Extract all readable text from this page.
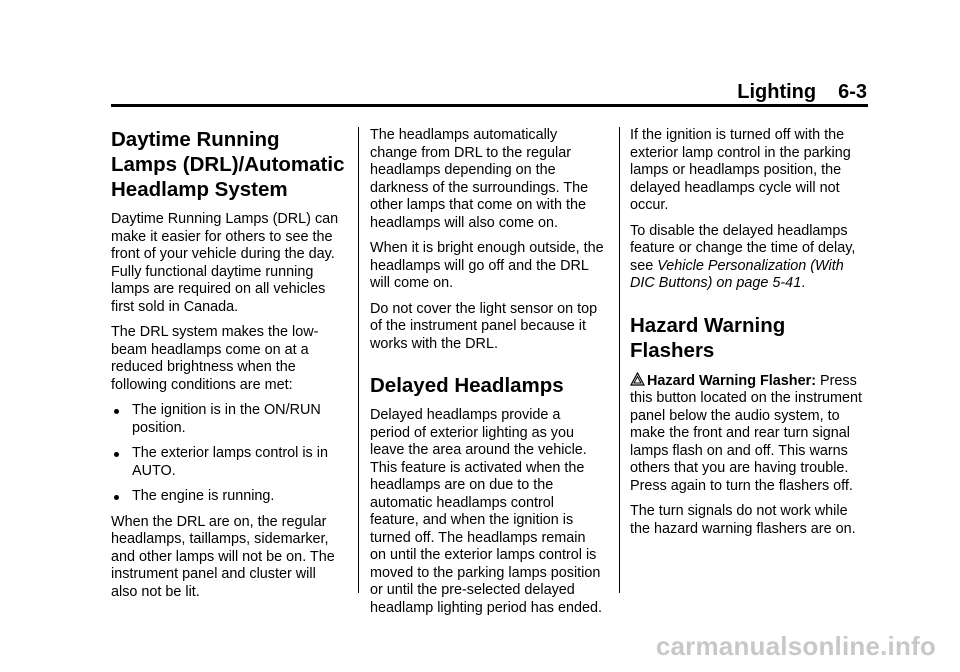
Lighting 6-3
Daytime Running Lamps (DRL)/Automatic Headlamp System

Daytime Running Lamps (DRL) can make it easier for others to see the front of your vehicle during the day. Fully functional daytime running lamps are required on all vehicles first sold in Canada.

The DRL system makes the low-beam headlamps come on at a reduced brightness when the following conditions are met:

The ignition is in the ON/RUN position.
The exterior lamps control is in AUTO.
The engine is running.

When the DRL are on, the regular headlamps, taillamps, sidemarker, and other lamps will not be on. The instrument panel and cluster will also not be lit.

The headlamps automatically change from DRL to the regular headlamps depending on the darkness of the surroundings. The other lamps that come on with the headlamps will also come on.

When it is bright enough outside, the headlamps will go off and the DRL will come on.

Do not cover the light sensor on top of the instrument panel because it works with the DRL.

Delayed Headlamps

Delayed headlamps provide a period of exterior lighting as you leave the area around the vehicle. This feature is activated when the headlamps are on due to the automatic headlamps control feature, and when the ignition is turned off. The headlamps remain on until the exterior lamps control is moved to the parking lamps position or until the pre-selected delayed headlamp lighting period has ended.

If the ignition is turned off with the exterior lamp control in the parking lamps or headlamps position, the delayed headlamps cycle will not occur.

To disable the delayed headlamps feature or change the time of delay, see Vehicle Personalization (With DIC Buttons) on page 5-41.

Hazard Warning Flashers

Hazard Warning Flasher: Press this button located on the instrument panel below the audio system, to make the front and rear turn signal lamps flash on and off. This warns others that you are having trouble. Press again to turn the flashers off.

The turn signals do not work while the hazard warning flashers are on.

carmanualsonline.info
